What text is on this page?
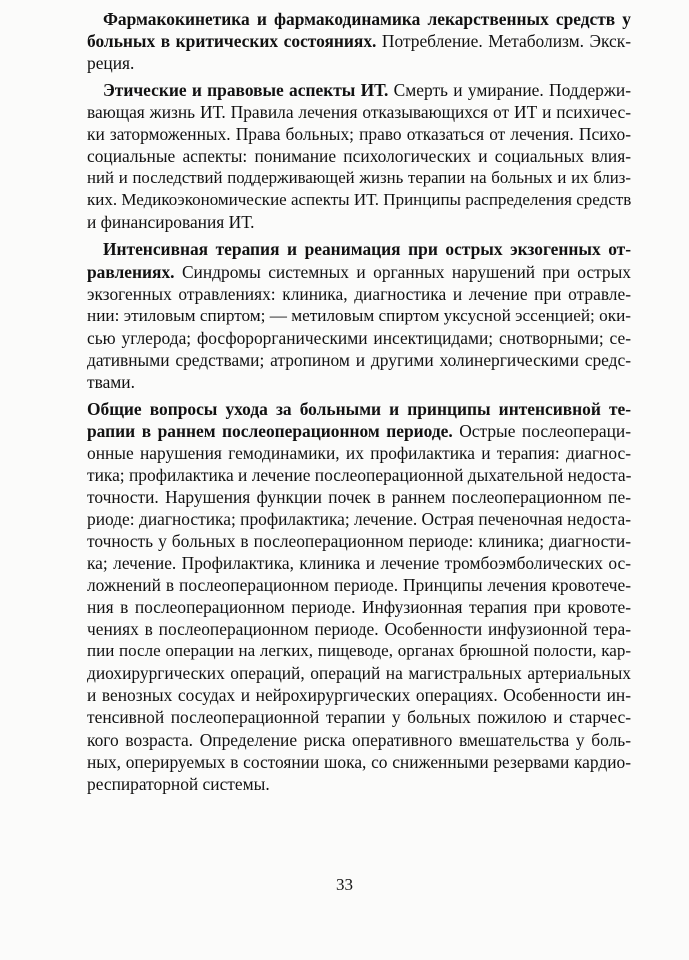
Фармакокинетика и фармакодинамика лекарственных средств у
больных в критических состояниях. Потребление. Метаболизм. Экск-
реция.
Этические и правовые аспекты ИТ. Смерть и умирание. Поддержи-
вающая жизнь ИТ. Правила лечения отказывающихся от ИТ и психичес-
ки заторможенных. Права больных; право отказаться от лечения. Психо-
социальные аспекты: понимание психологических и социальных влия-
ний и последствий поддерживающей жизнь терапии на больных и их близ-
ких. Медикоэкономические аспекты ИТ. Принципы распределения средств
и финансирования ИТ.
Интенсивная терапия и реанимация при острых экзогенных от-
равлениях. Синдромы системных и органных нарушений при острых
экзогенных отравлениях: клиника, диагностика и лечение при отравле-
нии: этиловым спиртом; — метиловым спиртом уксусной эссенцией; оки-
сью углерода; фосфорорганическими инсектицидами; снотворными; се-
дативными средствами; атропином и другими холинергическими средс-
твами.
Общие вопросы ухода за больными и принципы интенсивной те-
рапии в раннем послеоперационном периоде. Острые послеопераци-
онные нарушения гемодинамики, их профилактика и терапия: диагнос-
тика; профилактика и лечение послеоперационной дыхательной недоста-
точности. Нарушения функции почек в раннем послеоперационном пе-
риоде: диагностика; профилактика; лечение. Острая печеночная недоста-
точность у больных в послеоперационном периоде: клиника; диагности-
ка; лечение. Профилактика, клиника и лечение тромбоэмболических ос-
ложнений в послеоперационном периоде. Принципы лечения кровотече-
ния в послеоперационном периоде. Инфузионная терапия при кровоте-
чениях в послеоперационном периоде. Особенности инфузионной тера-
пии после операции на легких, пищеводе, органах брюшной полости, кар-
диохирургических операций, операций на магистральных артериальных
и венозных сосудах и нейрохирургических операциях. Особенности ин-
тенсивной послеоперационной терапии у больных пожилою и старчес-
кого возраста. Определение риска оперативного вмешательства у боль-
ных, оперируемых в состоянии шока, со сниженными резервами кардио-
респираторной системы.
33
